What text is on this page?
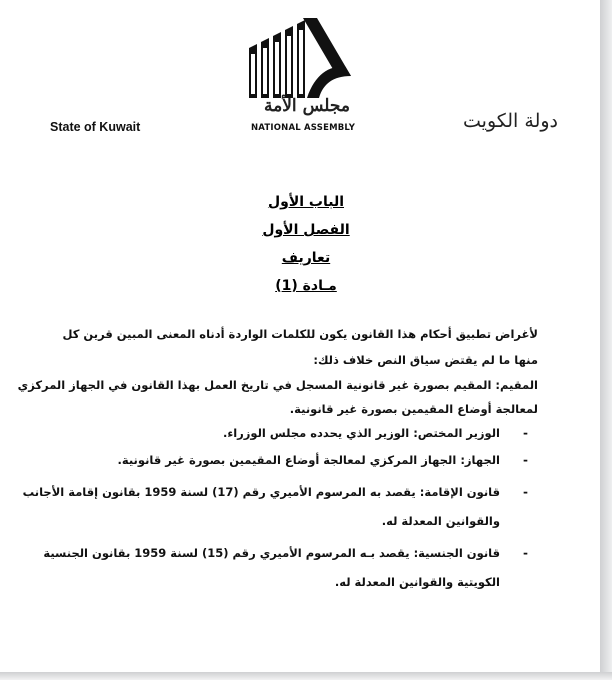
مجلس الأمة
NATIONAL ASSEMBLY
State of Kuwait	دولة الكويت
الباب الأول
الفصل الأول
تعاريف
مـادة (1)
لأغراض تطبيق أحكام هذا القانون يكون للكلمات الواردة أدناه المعنى المبين قرين كل
منها ما لم يقتض سياق النص خلاف ذلك:
المقيم: المقيم بصورة غير قانونية المسجل في تاريخ العمل بهذا القانون في الجهاز المركزي
لمعالجة أوضاع المقيمين بصورة غير قانونية.
-
الوزير المختص: الوزير الذي يحدده مجلس الوزراء.
-
الجهاز: الجهاز المركزي لمعالجة أوضاع المقيمين بصورة غير قانونية.
-
قانون الإقامة: يقصد به المرسوم الأميري رقم (17) لسنة 1959 بقانون إقامة الأجانب
والقوانين المعدلة له.
-
قانون الجنسية: يقصد بـه المرسوم الأميري رقم (15) لسنة 1959 بقانون الجنسية
الكويتية والقوانين المعدلة له.
